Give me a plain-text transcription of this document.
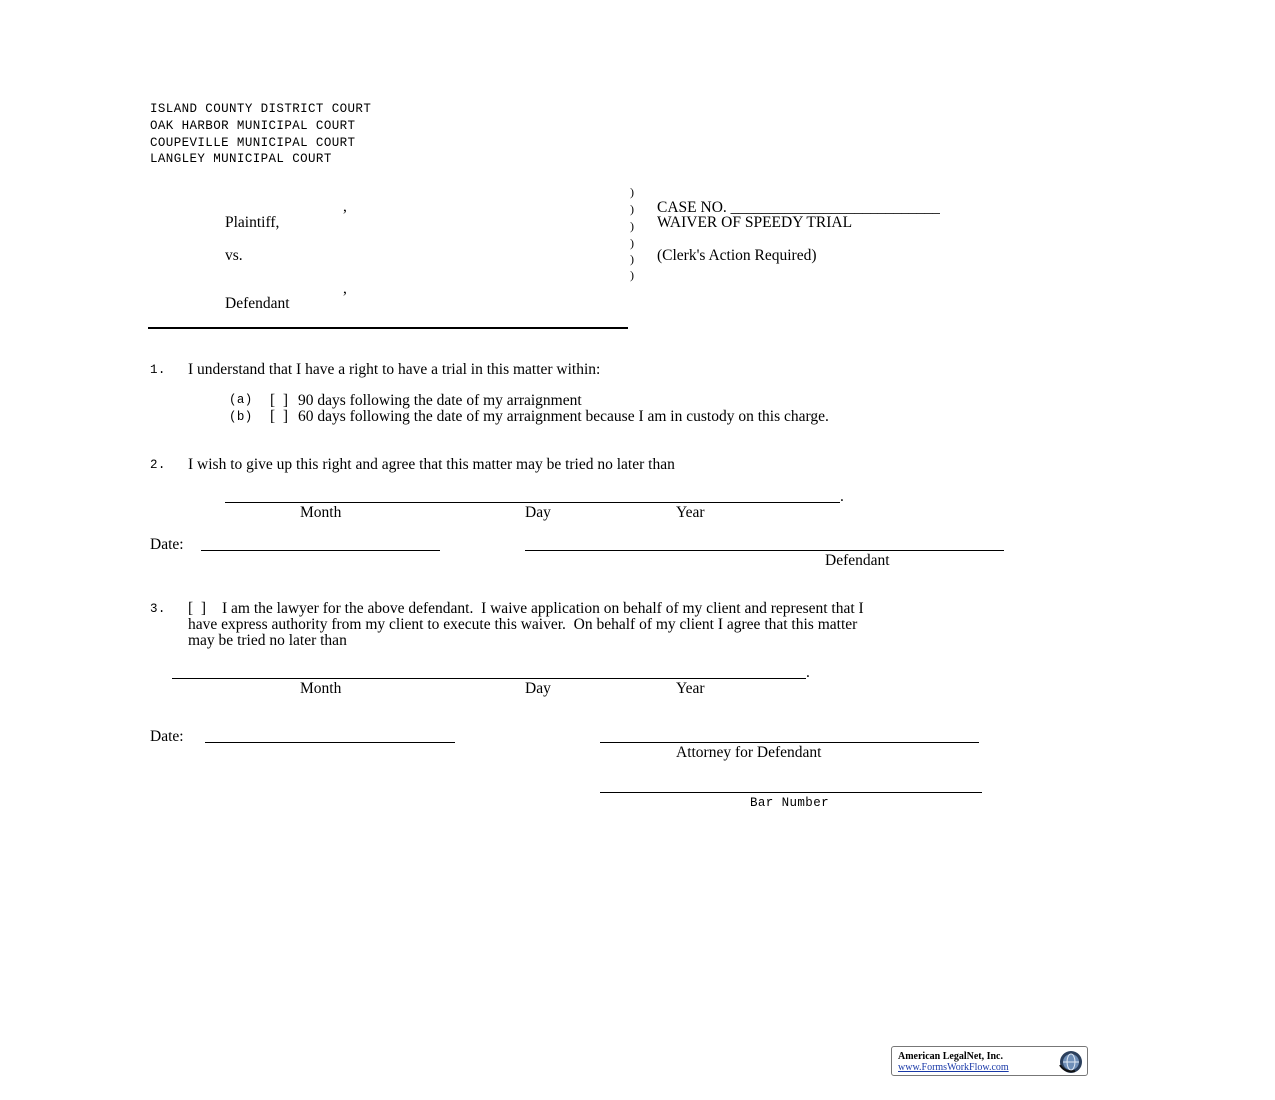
ISLAND COUNTY DISTRICT COURT
OAK HARBOR MUNICIPAL COURT
COUPEVILLE MUNICIPAL COURT
LANGLEY MUNICIPAL COURT
,
Plaintiff,
vs.
,
Defendant
)
)
)
)
)
)
CASE NO. ___________________________
WAIVER OF SPEEDY TRIAL
(Clerk's Action Required)
1. I understand that I have a right to have a trial in this matter within:
(a) [  ] 90 days following the date of my arraignment
(b) [  ] 60 days following the date of my arraignment because I am in custody on this charge.
2. I wish to give up this right and agree that this matter may be tried no later than
.
Month	Day	Year
Date:
Defendant
3. [  ] I am the lawyer for the above defendant.  I waive application on behalf of my client and represent that I
have express authority from my client to execute this waiver.  On behalf of my client I agree that this matter
may be tried no later than
.
Month	Day	Year
Date:
Attorney for Defendant
Bar Number
American LegalNet, Inc.
www.FormsWorkFlow.com
